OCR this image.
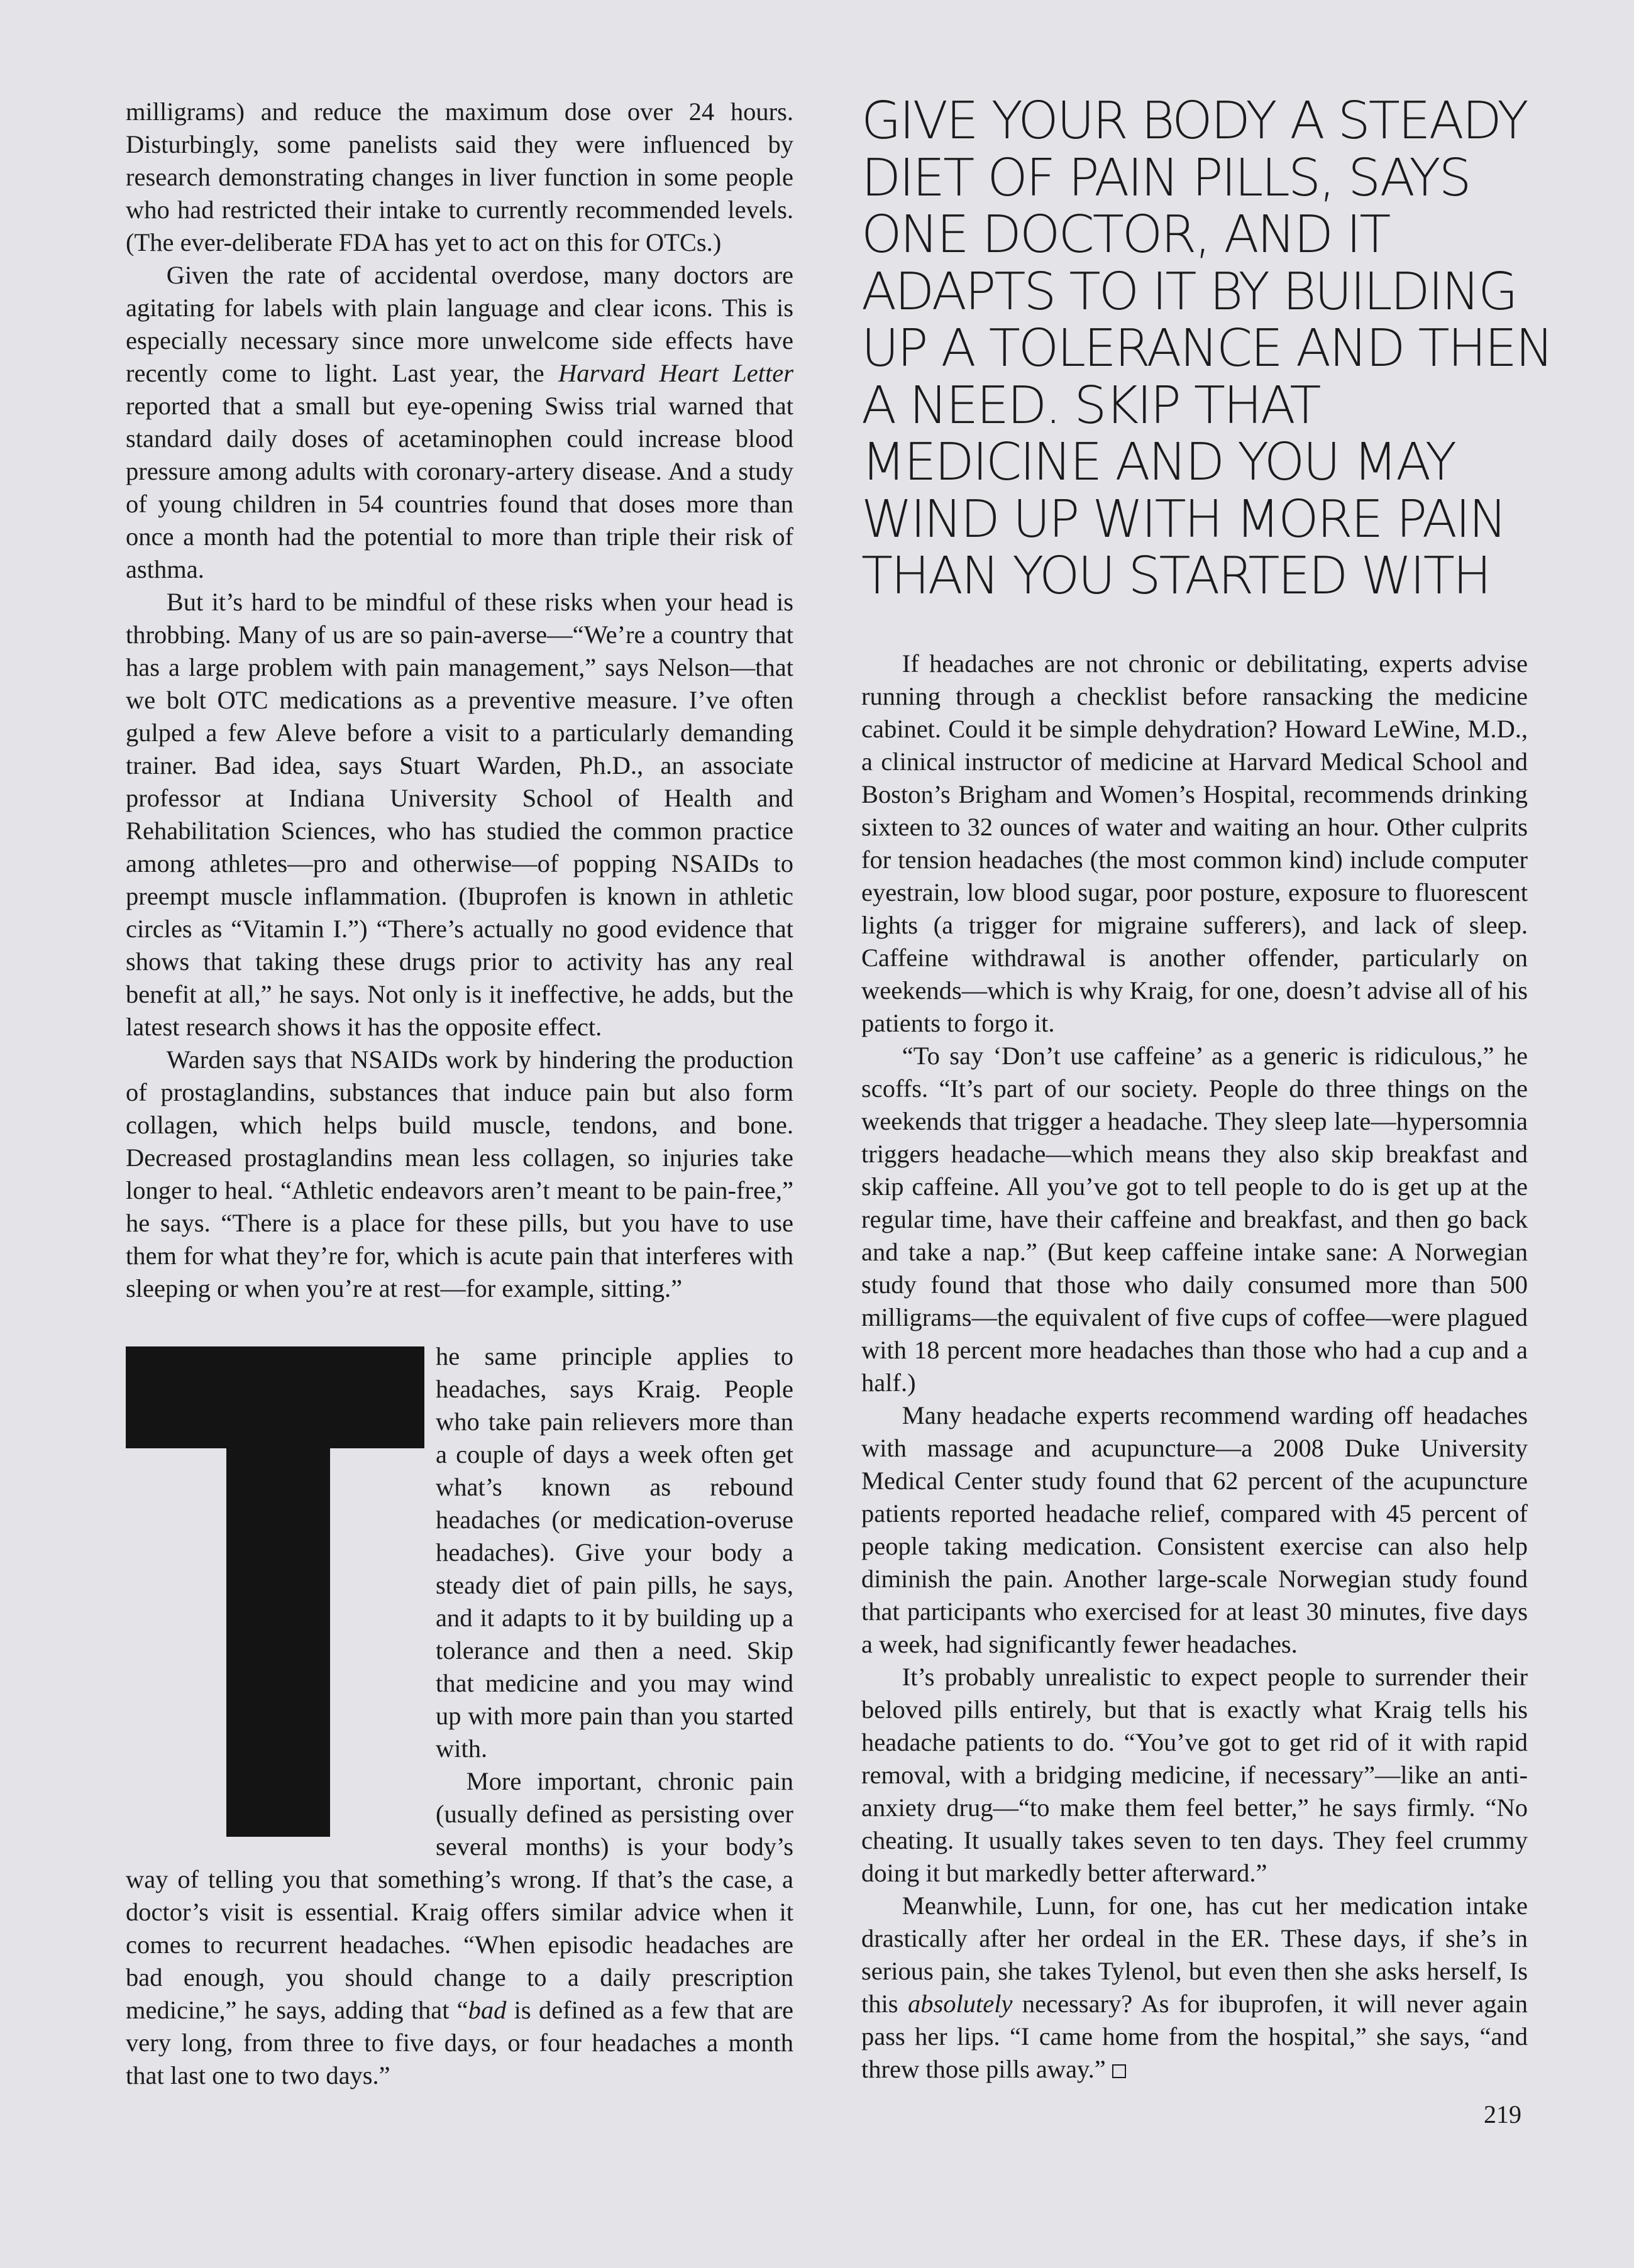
milligrams) and reduce the maximum dose over 24 hours. Disturbingly, some panelists said they were influenced by research demonstrating changes in liver function in some people who had restricted their intake to currently recommended levels. (The ever-deliberate FDA has yet to act on this for OTCs.)

Given the rate of accidental overdose, many doctors are agitating for labels with plain language and clear icons. This is especially necessary since more unwelcome side effects have recently come to light. Last year, the Harvard Heart Letter reported that a small but eye-opening Swiss trial warned that standard daily doses of acetaminophen could increase blood pressure among adults with coronary-artery disease. And a study of young children in 54 countries found that doses more than once a month had the potential to more than triple their risk of asthma.

But it’s hard to be mindful of these risks when your head is throbbing. Many of us are so pain-averse—“We’re a country that has a large problem with pain management,” says Nelson—that we bolt OTC medications as a preventive measure. I’ve often gulped a few Aleve before a visit to a particularly demanding trainer. Bad idea, says Stuart Warden, Ph.D., an associate professor at Indiana University School of Health and Rehabilitation Sciences, who has studied the common practice among athletes—pro and otherwise—of popping NSAIDs to preempt muscle inflammation. (Ibuprofen is known in athletic circles as “Vitamin I.”) “There’s actually no good evidence that shows that taking these drugs prior to activity has any real benefit at all,” he says. Not only is it ineffective, he adds, but the latest research shows it has the opposite effect.

Warden says that NSAIDs work by hindering the production of prostaglandins, substances that induce pain but also form collagen, which helps build muscle, tendons, and bone. Decreased prostaglandins mean less collagen, so injuries take longer to heal. “Athletic endeavors aren’t meant to be pain-free,” he says. “There is a place for these pills, but you have to use them for what they’re for, which is acute pain that interferes with sleeping or when you’re at rest—for example, sitting.”

he same principle applies to headaches, says Kraig. People who take pain relievers more than a couple of days a week often get what’s known as rebound headaches (or medication-overuse headaches). Give your body a steady diet of pain pills, he says, and it adapts to it by building up a tolerance and then a need. Skip that medicine and you may wind up with more pain than you started with.

More important, chronic pain (usually defined as persisting over several months) is your body’s way of telling you that something’s wrong. If that’s the case, a doctor’s visit is essential. Kraig offers similar advice when it comes to recurrent headaches. “When episodic headaches are bad enough, you should change to a daily prescription medicine,” he says, adding that “bad is defined as a few that are very long, from three to five days, or four headaches a month that last one to two days.”

GIVE YOUR BODY A STEADY DIET OF PAIN PILLS, SAYS ONE DOCTOR, AND IT ADAPTS TO IT BY BUILDING UP A TOLERANCE AND THEN A NEED. SKIP THAT MEDICINE AND YOU MAY WIND UP WITH MORE PAIN THAN YOU STARTED WITH

If headaches are not chronic or debilitating, experts advise running through a checklist before ransacking the medicine cabinet. Could it be simple dehydration? Howard LeWine, M.D., a clinical instructor of medicine at Harvard Medical School and Boston’s Brigham and Women’s Hospital, recommends drinking sixteen to 32 ounces of water and waiting an hour. Other culprits for tension headaches (the most common kind) include computer eyestrain, low blood sugar, poor posture, exposure to fluorescent lights (a trigger for migraine sufferers), and lack of sleep. Caffeine withdrawal is another offender, particularly on weekends—which is why Kraig, for one, doesn’t advise all of his patients to forgo it.

“To say ‘Don’t use caffeine’ as a generic is ridiculous,” he scoffs. “It’s part of our society. People do three things on the weekends that trigger a headache. They sleep late—hypersomnia triggers headache—which means they also skip breakfast and skip caffeine. All you’ve got to tell people to do is get up at the regular time, have their caffeine and breakfast, and then go back and take a nap.” (But keep caffeine intake sane: A Norwegian study found that those who daily consumed more than 500 milligrams—the equivalent of five cups of coffee—were plagued with 18 percent more headaches than those who had a cup and a half.)

Many headache experts recommend warding off headaches with massage and acupuncture—a 2008 Duke University Medical Center study found that 62 percent of the acupuncture patients reported headache relief, compared with 45 percent of people taking medication. Consistent exercise can also help diminish the pain. Another large-scale Norwegian study found that participants who exercised for at least 30 minutes, five days a week, had significantly fewer headaches.

It’s probably unrealistic to expect people to surrender their beloved pills entirely, but that is exactly what Kraig tells his headache patients to do. “You’ve got to get rid of it with rapid removal, with a bridging medicine, if necessary”—like an anti-anxiety drug—“to make them feel better,” he says firmly. “No cheating. It usually takes seven to ten days. They feel crummy doing it but markedly better afterward.”

Meanwhile, Lunn, for one, has cut her medication intake drastically after her ordeal in the ER. These days, if she’s in serious pain, she takes Tylenol, but even then she asks herself, Is this absolutely necessary? As for ibuprofen, it will never again pass her lips. “I came home from the hospital,” she says, “and threw those pills away.”

219
